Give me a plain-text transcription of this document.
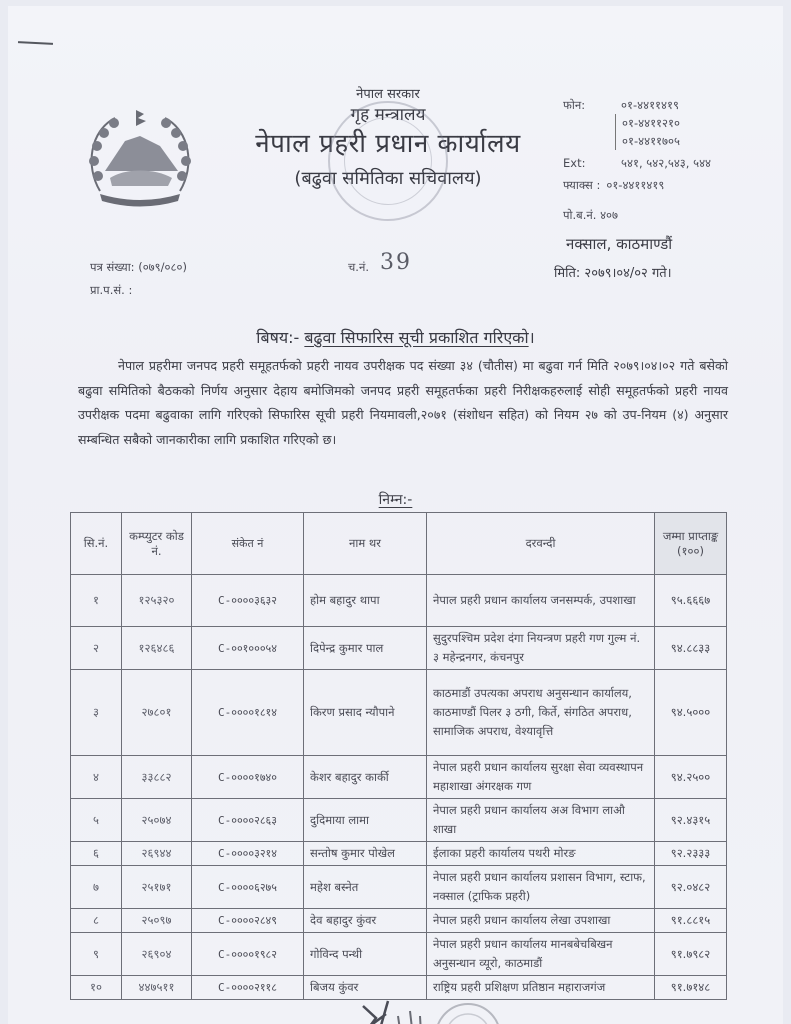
नेपाल सरकार
गृह मन्त्रालय
नेपाल प्रहरी प्रधान कार्यालय
(बढुवा समितिका सचिवालय)
फोन:	०१-४४११४१९
०१-४४११२१०
०१-४४११७०५
Ext:	५४१, ५४२,५४३, ५४४
फ्याक्स : ०१-४४११४१९
पो.ब.नं. ४०७
नक्साल, काठमाण्डौं
मिति: २०७९।०४/०२ गते।
पत्र संख्या: (०७९/०८०)
प्रा.प.सं. :
च.नं. 39
बिषय:- बढुवा सिफारिस सूची प्रकाशित गरिएको।

नेपाल प्रहरीमा जनपद प्रहरी समूहतर्फको प्रहरी नायव उपरीक्षक पद संख्या ३४ (चौतीस) मा बढुवा गर्न मिति २०७९।०४।०२ गते बसेको बढुवा समितिको बैठकको निर्णय अनुसार देहाय बमोजिमको जनपद प्रहरी समूहतर्फका प्रहरी निरीक्षकहरुलाई सोही समूहतर्फको प्रहरी नायव उपरीक्षक पदमा बढुवाका लागि गरिएको सिफारिस सूची प्रहरी नियमावली,२०७१ (संशोधन सहित) को नियम २७ को उप-नियम (४) अनुसार सम्बन्धित सबैको जानकारीका लागि प्रकाशित गरिएको छ।

निम्न:-
सि.नं.	कम्प्युटर कोड नं.	संकेत नं	नाम थर	दरवन्दी	जम्मा प्राप्ताङ्क (१००)
१	१२५३२०	C-००००३६३२	होम बहादुर थापा	नेपाल प्रहरी प्रधान कार्यालय जनसम्पर्क, उपशाखा	९५.६६६७
२	१२६४८६	C-००१०००५४	दिपेन्द्र कुमार पाल	सुदुरपश्चिम प्रदेश दंगा नियन्त्रण प्रहरी गण गुल्म नं. ३ महेन्द्रनगर, कंचनपुर	९४.८८३३
३	२७८०१	C-००००१८१४	किरण प्रसाद न्यौपाने	काठमाडौं उपत्यका अपराध अनुसन्धान कार्यालय, काठमाण्डौं पिलर ३ ठगी, किर्ते, संगठित अपराध, सामाजिक अपराध, वेश्यावृत्ति	९४.५०००
४	३३८८२	C-००००१७४०	केशर बहादुर कार्की	नेपाल प्रहरी प्रधान कार्यालय सुरक्षा सेवा व्यवस्थापन महाशाखा अंगरक्षक गण	९४.२५००
५	२५०७४	C-००००२८६३	दुदिमाया लामा	नेपाल प्रहरी प्रधान कार्यालय अअ विभाग लाऔ शाखा	९२.४३१५
६	२६९४४	C-००००३२१४	सन्तोष कुमार पोखेल	ईलाका प्रहरी कार्यालय पथरी मोरङ	९२.२३३३
७	२५१७१	C-००००६२७५	महेश बस्नेत	नेपाल प्रहरी प्रधान कार्यालय प्रशासन विभाग, स्टाफ, नक्साल (ट्राफिक प्रहरी)	९२.०४८२
८	२५०९७	C-००००२८४९	देव बहादुर कुंवर	नेपाल प्रहरी प्रधान कार्यालय लेखा उपशाखा	९१.८८१५
९	२६९०४	C-००००१९८२	गोविन्द पन्थी	नेपाल प्रहरी प्रधान कार्यालय मानबबेचबिखन अनुसन्धान व्यूरो, काठमाडौं	९१.७९८२
१०	४४७५११	C-००००२११८	बिजय कुंवर	राष्ट्रिय प्रहरी प्रशिक्षण प्रतिष्ठान महाराजगंज	९१.७१४८
